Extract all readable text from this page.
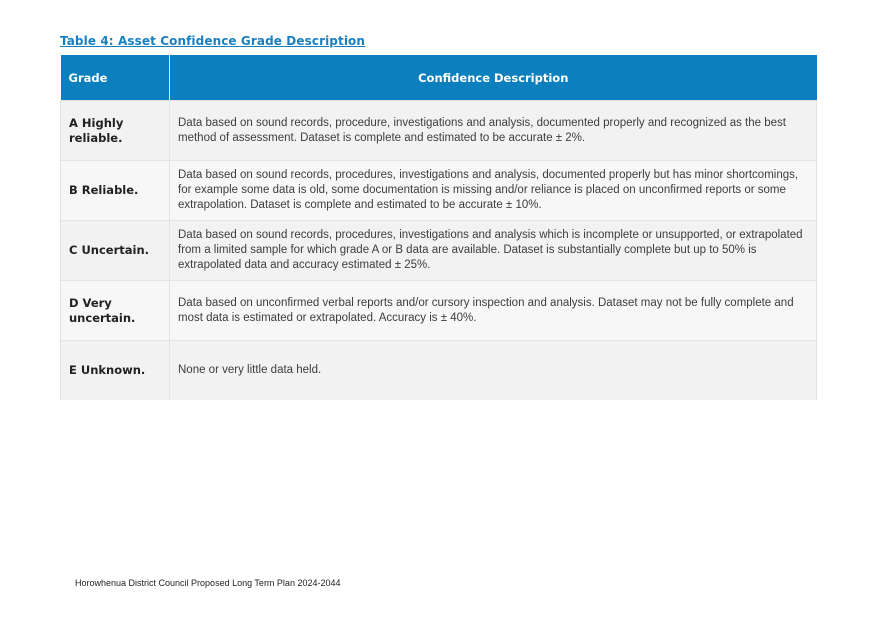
Table 4: Asset Confidence Grade Description
Grade	Confidence Description
A Highly reliable.	Data based on sound records, procedure, investigations and analysis, documented properly and recognized as the best method of assessment. Dataset is complete and estimated to be accurate ± 2%.
B Reliable.	Data based on sound records, procedures, investigations and analysis, documented properly but has minor shortcomings, for example some data is old, some documentation is missing and/or reliance is placed on unconfirmed reports or some extrapolation. Dataset is complete and estimated to be accurate ± 10%.
C Uncertain.	Data based on sound records, procedures, investigations and analysis which is incomplete or unsupported, or extrapolated from a limited sample for which grade A or B data are available. Dataset is substantially complete but up to 50% is extrapolated data and accuracy estimated ± 25%.
D Very uncertain.	Data based on unconfirmed verbal reports and/or cursory inspection and analysis. Dataset may not be fully complete and most data is estimated or extrapolated. Accuracy is ± 40%.
E Unknown.	None or very little data held.
Horowhenua District Council Proposed Long Term Plan 2024-2044
